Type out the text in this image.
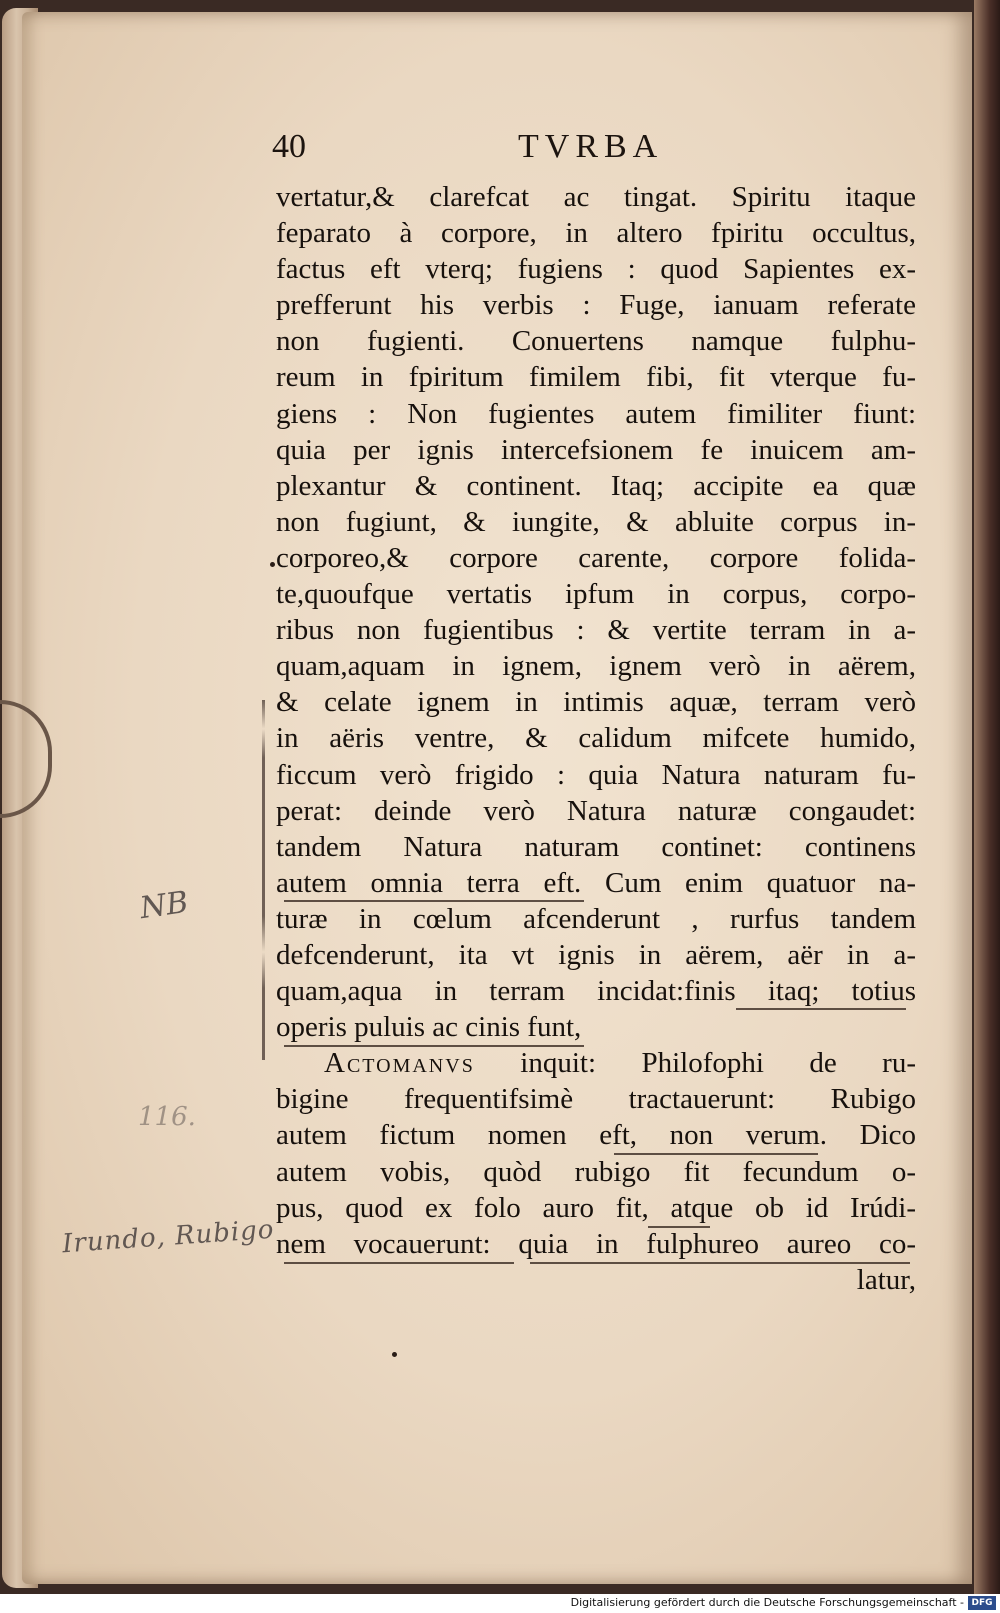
40	TVRBA
vertatur,& clarefcat ac tingat. Spiritu itaque
feparato à corpore, in altero fpiritu occultus,
factus eft vterq; fugiens : quod Sapientes ex-
prefferunt his verbis : Fuge, ianuam referate
non fugienti. Conuertens namque fulphu-
reum in fpiritum fimilem fibi, fit vterque fu-
giens : Non fugientes autem fimiliter fiunt:
quia per ignis intercefsionem fe inuicem am-
plexantur & continent. Itaq; accipite ea quæ
non fugiunt, & iungite, & abluite corpus in-
corporeo,& corpore carente, corpore folida-
te,quoufque vertatis ipfum in corpus, corpo-
ribus non fugientibus : & vertite terram in a-
quam,aquam in ignem, ignem verò in aërem,
& celate ignem in intimis aquæ, terram verò
in aëris ventre, & calidum mifcete humido,
ficcum verò frigido : quia Natura naturam fu-
perat: deinde verò Natura naturæ congaudet:
tandem Natura naturam continet: continens
autem omnia terra eft. Cum enim quatuor na-
turæ in cœlum afcenderunt , rurfus tandem
defcenderunt, ita vt ignis in aërem, aër in a-
quam,aqua in terram incidat:finis itaq; totius
operis puluis ac cinis funt,
Actomanvs inquit: Philofophi de ru-
bigine frequentifsimè tractauerunt: Rubigo
autem fictum nomen eft, non verum. Dico
autem vobis, quòd rubigo fit fecundum o-
pus, quod ex folo auro fit, atque ob id Irúdi-
nem vocauerunt: quia in fulphureo aureo co-
latur,
NB
116.
Irundo, Rubigo
Digitalisierung gefördert durch die Deutsche Forschungsgemeinschaft - DFG
